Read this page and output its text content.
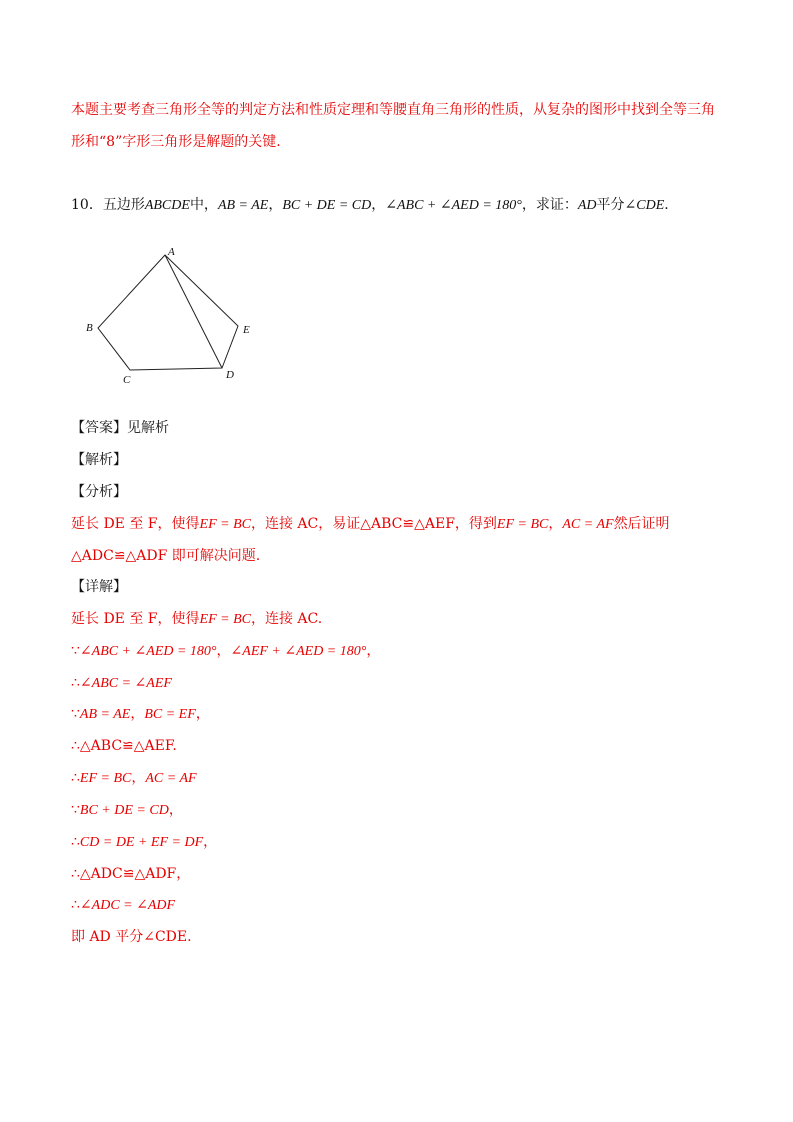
本题主要考查三角形全等的判定方法和性质定理和等腰直角三角形的性质，从复杂的图形中找到全等三角
形和“8”字形三角形是解题的关键.
10．五边形ABCDE中，AB = AE，BC + DE = CD，∠ABC + ∠AED = 180°，求证：AD平分∠CDE.
A
B
C	D
E
【答案】见解析
【解析】
【分析】
延长 DE 至 F，使得EF = BC，连接 AC，易证△ABC≌△AEF，得到EF = BC，AC = AF然后证明
△ADC≌△ADF 即可解决问题.
【详解】
延长 DE 至 F，使得EF = BC，连接 AC.
∵∠ABC + ∠AED = 180°，∠AEF + ∠AED = 180°，
∴∠ABC = ∠AEF
∵AB = AE，BC = EF，
∴△ABC≌△AEF.
∴EF = BC，AC = AF
∵BC + DE = CD，
∴CD = DE + EF = DF，
∴△ADC≌△ADF，
∴∠ADC = ∠ADF
即 AD 平分∠CDE.
